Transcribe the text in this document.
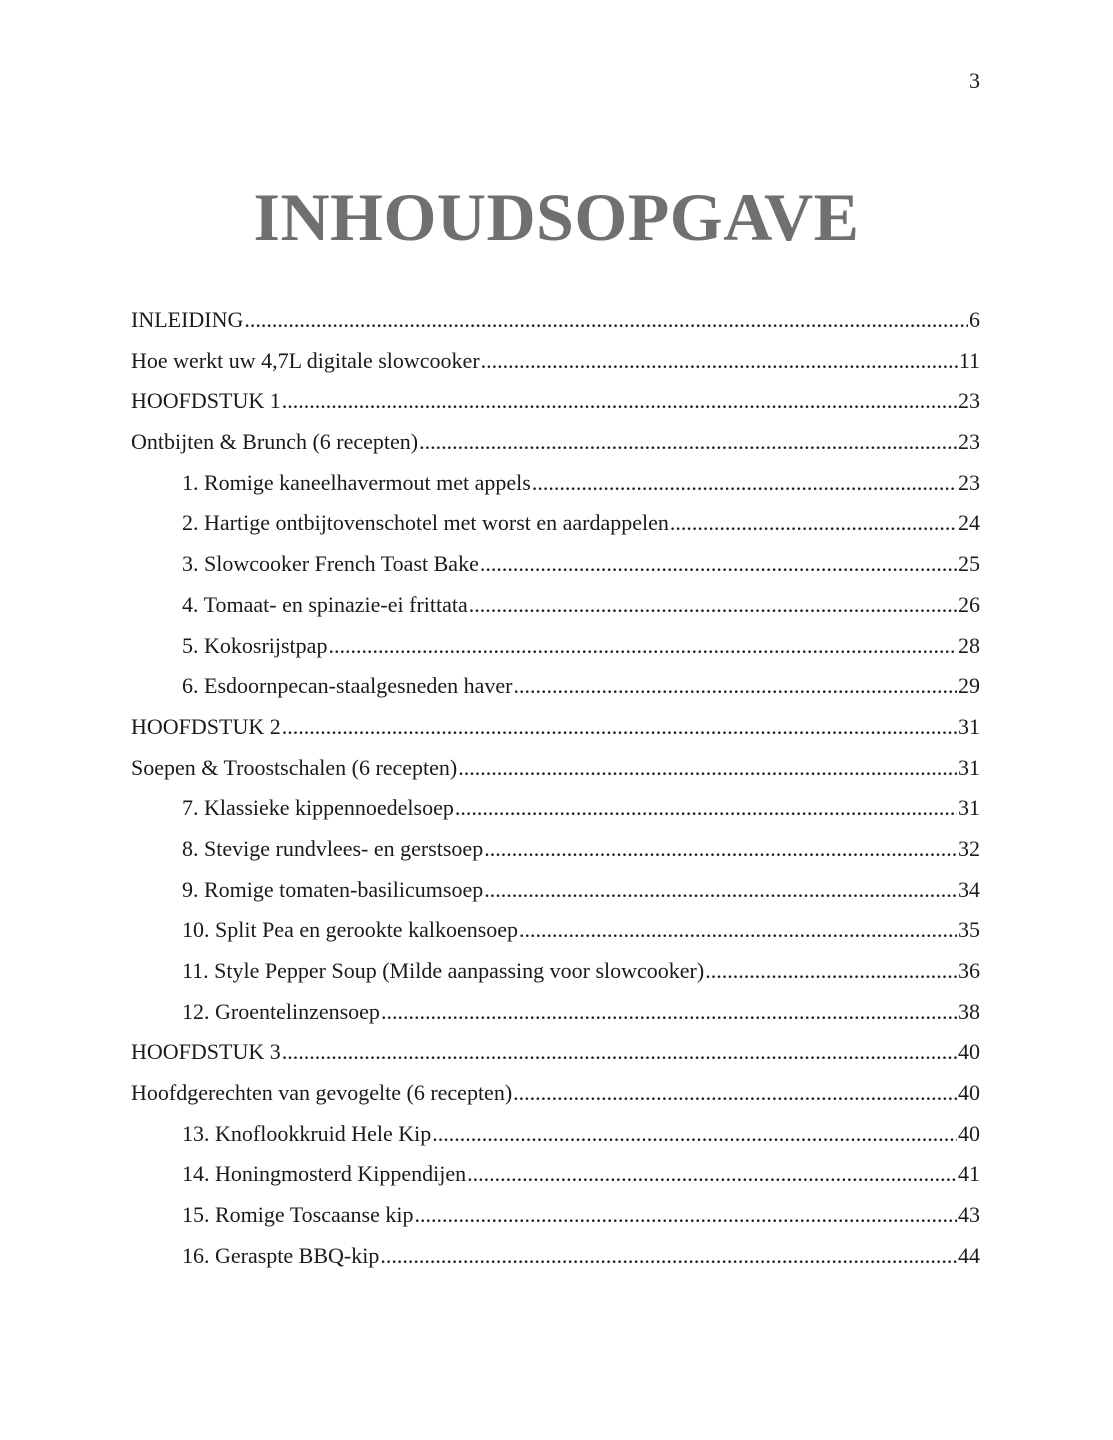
3
INHOUDSOPGAVE
INLEIDING .....	6
Hoe werkt uw 4,7L digitale slowcooker .....	11
HOOFDSTUK 1 .....	23
Ontbijten & Brunch (6 recepten) .....	23
1. Romige kaneelhavermout met appels .....	23
2. Hartige ontbijtovenschotel met worst en aardappelen .....	24
3. Slowcooker French Toast Bake .....	25
4. Tomaat- en spinazie-ei frittata .....	26
5. Kokosrijstpap .....	28
6. Esdoornpecan-staalgesneden haver .....	29
HOOFDSTUK 2 .....	31
Soepen & Troostschalen (6 recepten) .....	31
7. Klassieke kippennoedelsoep .....	31
8. Stevige rundvlees- en gerstsoep .....	32
9. Romige tomaten-basilicumsoep .....	34
10. Split Pea en gerookte kalkoensoep .....	35
11. Style Pepper Soup (Milde aanpassing voor slowcooker) .....	36
12. Groentelinzensoep .....	38
HOOFDSTUK 3 .....	40
Hoofdgerechten van gevogelte (6 recepten) .....	40
13. Knoflookkruid Hele Kip .....	40
14. Honingmosterd Kippendijen .....	41
15. Romige Toscaanse kip .....	43
16. Geraspte BBQ-kip .....	44
